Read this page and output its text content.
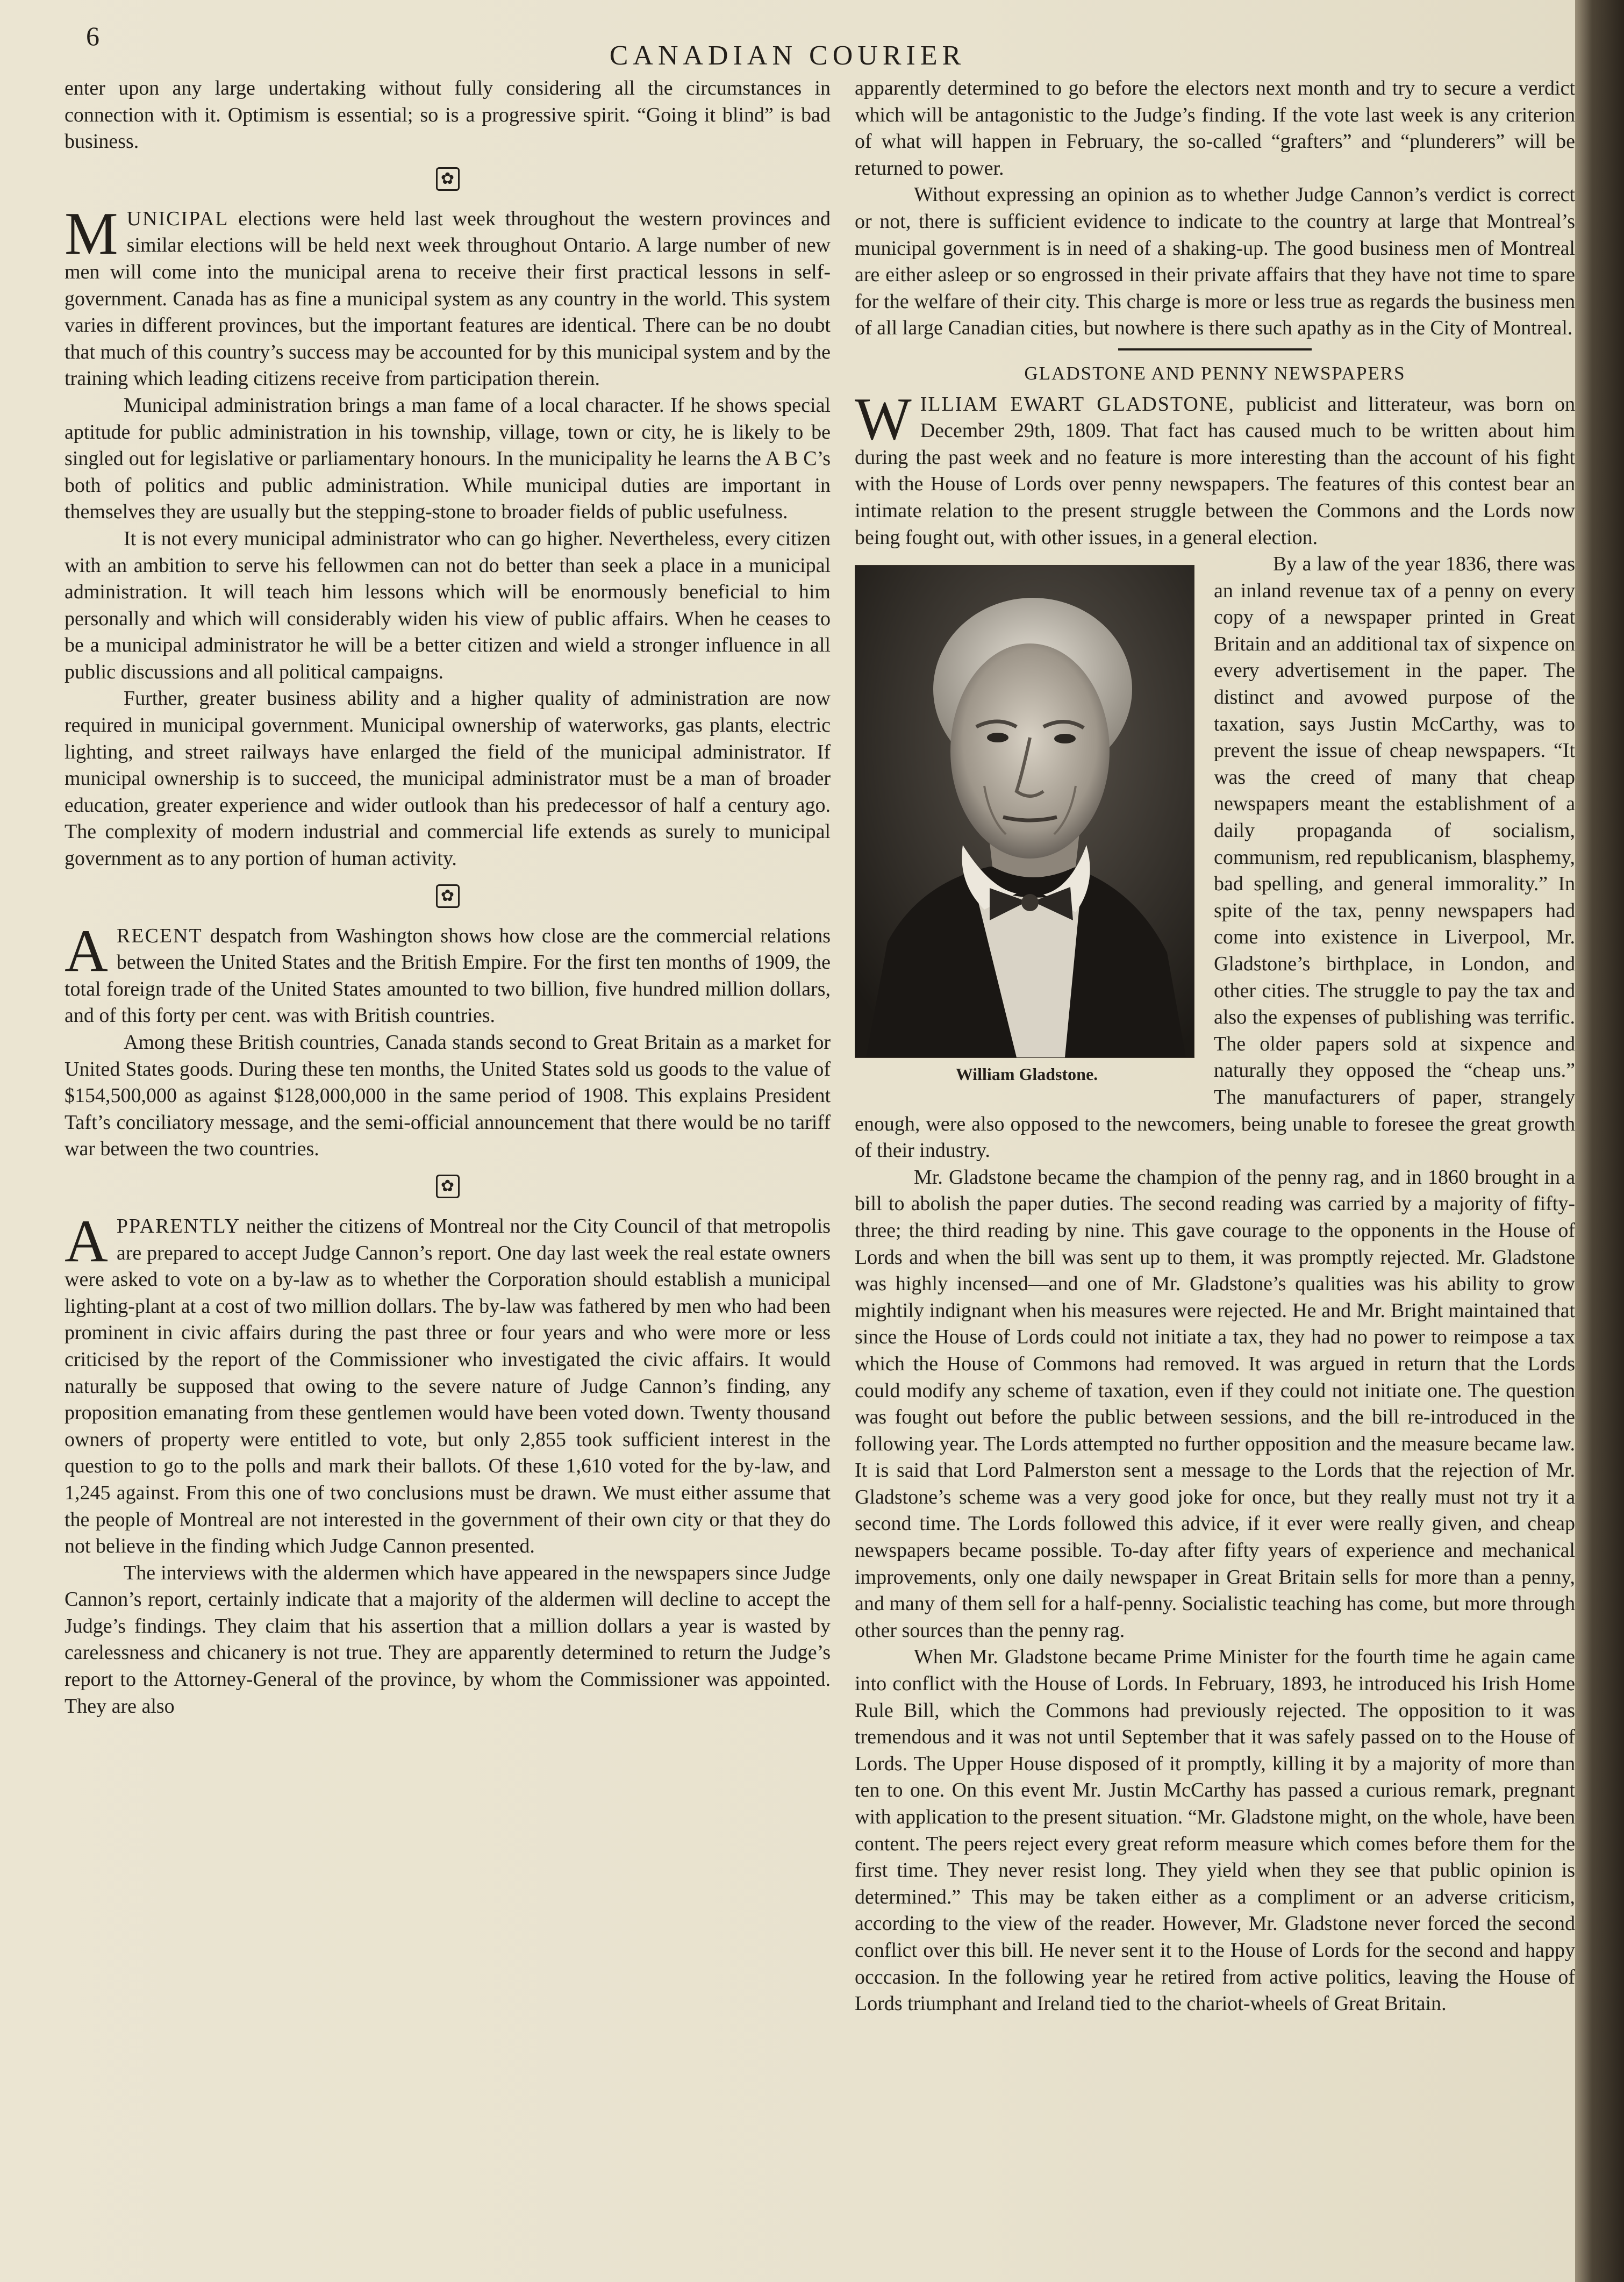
6
CANADIAN COURIER

enter upon any large undertaking without fully considering all the circumstances in connection with it. Optimism is essential; so is a progressive spirit. “Going it blind” is bad business.

✿

MUNICIPAL elections were held last week throughout the western provinces and similar elections will be held next week throughout Ontario. A large number of new men will come into the municipal arena to receive their first practical lessons in self-government. Canada has as fine a municipal system as any country in the world. This system varies in different provinces, but the important features are identical. There can be no doubt that much of this country’s success may be accounted for by this municipal system and by the training which leading citizens receive from participation therein.

Municipal administration brings a man fame of a local character. If he shows special aptitude for public administration in his township, village, town or city, he is likely to be singled out for legislative or parliamentary honours. In the municipality he learns the A B C’s both of politics and public administration. While municipal duties are important in themselves they are usually but the stepping-stone to broader fields of public usefulness.

It is not every municipal administrator who can go higher. Nevertheless, every citizen with an ambition to serve his fellowmen can not do better than seek a place in a municipal administration. It will teach him lessons which will be enormously beneficial to him personally and which will considerably widen his view of public affairs. When he ceases to be a municipal administrator he will be a better citizen and wield a stronger influence in all public discussions and all political campaigns.

Further, greater business ability and a higher quality of administration are now required in municipal government. Municipal ownership of waterworks, gas plants, electric lighting, and street railways have enlarged the field of the municipal administrator. If municipal ownership is to succeed, the municipal administrator must be a man of broader education, greater experience and wider outlook than his predecessor of half a century ago. The complexity of modern industrial and commercial life extends as surely to municipal government as to any portion of human activity.

✿

ARECENT despatch from Washington shows how close are the commercial relations between the United States and the British Empire. For the first ten months of 1909, the total foreign trade of the United States amounted to two billion, five hundred million dollars, and of this forty per cent. was with British countries.

Among these British countries, Canada stands second to Great Britain as a market for United States goods. During these ten months, the United States sold us goods to the value of $154,500,000 as against $128,000,000 in the same period of 1908. This explains President Taft’s conciliatory message, and the semi-official announcement that there would be no tariff war between the two countries.

✿

APPARENTLY neither the citizens of Montreal nor the City Council of that metropolis are prepared to accept Judge Cannon’s report. One day last week the real estate owners were asked to vote on a by-law as to whether the Corporation should establish a municipal lighting-plant at a cost of two million dollars. The by-law was fathered by men who had been prominent in civic affairs during the past three or four years and who were more or less criticised by the report of the Commissioner who investigated the civic affairs. It would naturally be supposed that owing to the severe nature of Judge Cannon’s finding, any proposition emanating from these gentlemen would have been voted down. Twenty thousand owners of property were entitled to vote, but only 2,855 took sufficient interest in the question to go to the polls and mark their ballots. Of these 1,610 voted for the by-law, and 1,245 against. From this one of two conclusions must be drawn. We must either assume that the people of Montreal are not interested in the government of their own city or that they do not believe in the finding which Judge Cannon presented.

The interviews with the aldermen which have appeared in the newspapers since Judge Cannon’s report, certainly indicate that a majority of the aldermen will decline to accept the Judge’s findings. They claim that his assertion that a million dollars a year is wasted by carelessness and chicanery is not true. They are apparently determined to return the Judge’s report to the Attorney-General of the province, by whom the Commissioner was appointed. They are also

apparently determined to go before the electors next month and try to secure a verdict which will be antagonistic to the Judge’s finding. If the vote last week is any criterion of what will happen in February, the so-called “grafters” and “plunderers” will be returned to power.

Without expressing an opinion as to whether Judge Cannon’s verdict is correct or not, there is sufficient evidence to indicate to the country at large that Montreal’s municipal government is in need of a shaking-up. The good business men of Montreal are either asleep or so engrossed in their private affairs that they have not time to spare for the welfare of their city. This charge is more or less true as regards the business men of all large Canadian cities, but nowhere is there such apathy as in the City of Montreal.

GLADSTONE AND PENNY NEWSPAPERS

WILLIAM EWART GLADSTONE, publicist and litterateur, was born on December 29th, 1809. That fact has caused much to be written about him during the past week and no feature is more interesting than the account of his fight with the House of Lords over penny newspapers. The features of this contest bear an intimate relation to the present struggle between the Commons and the Lords now being fought out, with other issues, in a general election.

William Gladstone.

By a law of the year 1836, there was an inland revenue tax of a penny on every copy of a newspaper printed in Great Britain and an additional tax of sixpence on every advertisement in the paper. The distinct and avowed purpose of the taxation, says Justin McCarthy, was to prevent the issue of cheap newspapers. “It was the creed of many that cheap newspapers meant the establishment of a daily propaganda of socialism, communism, red republicanism, blasphemy, bad spelling, and general immorality.” In spite of the tax, penny newspapers had come into existence in Liverpool, Mr. Gladstone’s birthplace, in London, and other cities. The struggle to pay the tax and also the expenses of publishing was terrific. The older papers sold at sixpence and naturally they opposed the “cheap uns.” The manufacturers of paper, strangely enough, were also opposed to the newcomers, being unable to foresee the great growth of their industry.

Mr. Gladstone became the champion of the penny rag, and in 1860 brought in a bill to abolish the paper duties. The second reading was carried by a majority of fifty-three; the third reading by nine. This gave courage to the opponents in the House of Lords and when the bill was sent up to them, it was promptly rejected. Mr. Gladstone was highly incensed—and one of Mr. Gladstone’s qualities was his ability to grow mightily indignant when his measures were rejected. He and Mr. Bright maintained that since the House of Lords could not initiate a tax, they had no power to reimpose a tax which the House of Commons had removed. It was argued in return that the Lords could modify any scheme of taxation, even if they could not initiate one. The question was fought out before the public between sessions, and the bill re-introduced in the following year. The Lords attempted no further opposition and the measure became law. It is said that Lord Palmerston sent a message to the Lords that the rejection of Mr. Gladstone’s scheme was a very good joke for once, but they really must not try it a second time. The Lords followed this advice, if it ever were really given, and cheap newspapers became possible. To-day after fifty years of experience and mechanical improvements, only one daily newspaper in Great Britain sells for more than a penny, and many of them sell for a half-penny. Socialistic teaching has come, but more through other sources than the penny rag.

When Mr. Gladstone became Prime Minister for the fourth time he again came into conflict with the House of Lords. In February, 1893, he introduced his Irish Home Rule Bill, which the Commons had previously rejected. The opposition to it was tremendous and it was not until September that it was safely passed on to the House of Lords. The Upper House disposed of it promptly, killing it by a majority of more than ten to one. On this event Mr. Justin McCarthy has passed a curious remark, pregnant with application to the present situation. “Mr. Gladstone might, on the whole, have been content. The peers reject every great reform measure which comes before them for the first time. They never resist long. They yield when they see that public opinion is determined.” This may be taken either as a compliment or an adverse criticism, according to the view of the reader. However, Mr. Gladstone never forced the second conflict over this bill. He never sent it to the House of Lords for the second and happy occcasion. In the following year he retired from active politics, leaving the House of Lords triumphant and Ireland tied to the chariot-wheels of Great Britain.
